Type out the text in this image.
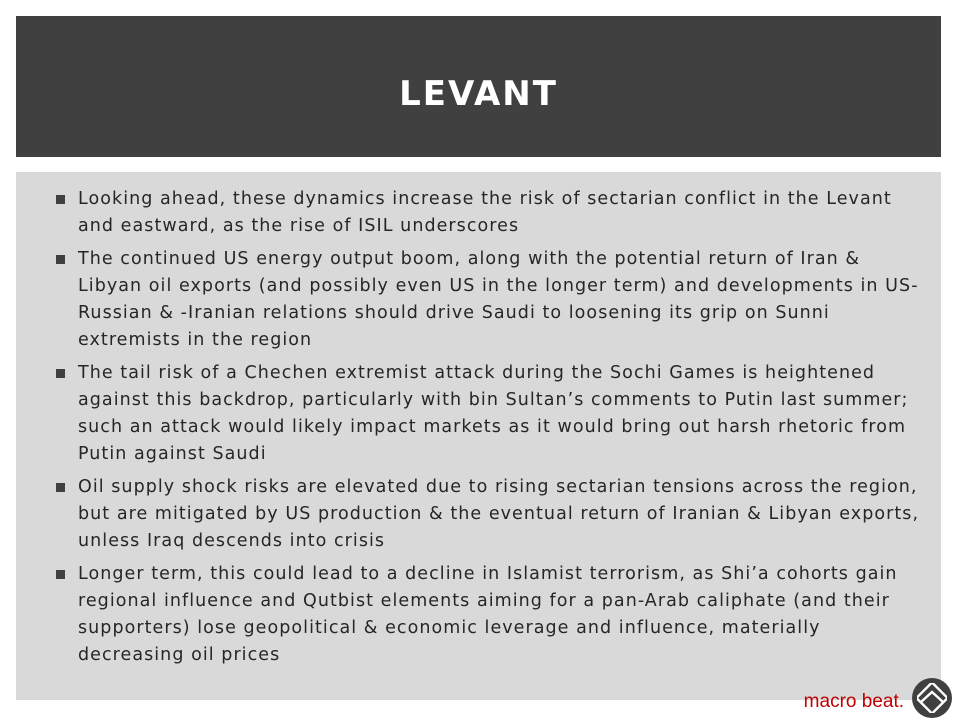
LEVANT
Looking ahead, these dynamics increase the risk of sectarian conflict in the Levant and eastward, as the rise of ISIL underscores
The continued US energy output boom, along with the potential return of Iran & Libyan oil exports (and possibly even US in the longer term) and developments in US-Russian & -Iranian relations should drive Saudi to loosening its grip on Sunni extremists in the region
The tail risk of a Chechen extremist attack during the Sochi Games is heightened against this backdrop, particularly with bin Sultan’s comments to Putin last summer; such an attack would likely impact markets as it would bring out harsh rhetoric from Putin against Saudi
Oil supply shock risks are elevated due to rising sectarian tensions across the region, but are mitigated by US production & the eventual return of Iranian & Libyan exports, unless Iraq descends into crisis
Longer term, this could lead to a decline in Islamist terrorism, as Shi’a cohorts gain regional influence and Qutbist elements aiming for a pan-Arab caliphate (and their supporters) lose geopolitical & economic leverage and influence, materially decreasing oil prices
macro beat.
